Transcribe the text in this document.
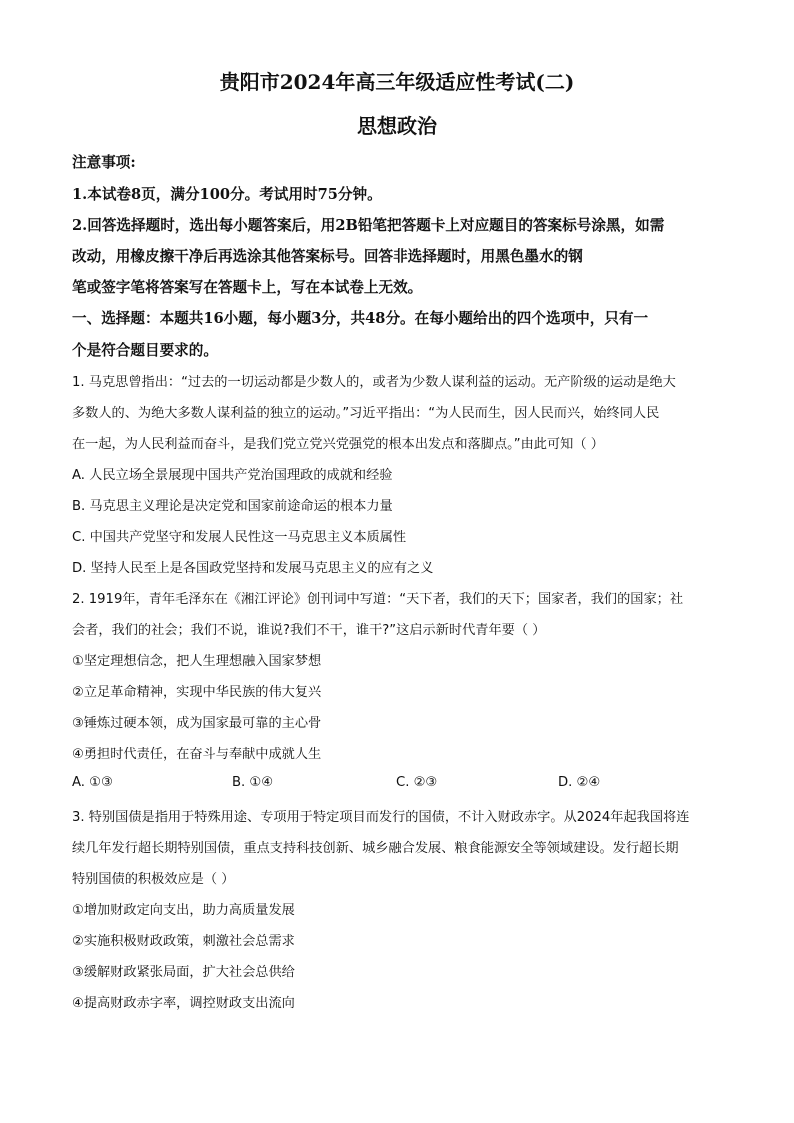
贵阳市2024年高三年级适应性考试(二)
思想政治
注意事项:
1.本试卷8页，满分100分。考试用时75分钟。
2.回答选择题时，选出每小题答案后，用2B铅笔把答题卡上对应题目的答案标号涂黑，如需
改动，用橡皮擦干净后再选涂其他答案标号。回答非选择题时，用黑色墨水的钢
笔或签字笔将答案写在答题卡上，写在本试卷上无效。
一、选择题：本题共16小题，每小题3分，共48分。在每小题给出的四个选项中，只有一
个是符合题目要求的。
1. 马克思曾指出：“过去的一切运动都是少数人的，或者为少数人谋利益的运动。无产阶级的运动是绝大
多数人的、为绝大多数人谋利益的独立的运动。”习近平指出：“为人民而生，因人民而兴，始终同人民
在一起，为人民利益而奋斗，是我们党立党兴党强党的根本出发点和落脚点。”由此可知（ ）
A. 人民立场全景展现中国共产党治国理政的成就和经验
B. 马克思主义理论是决定党和国家前途命运的根本力量
C. 中国共产党坚守和发展人民性这一马克思主义本质属性
D. 坚持人民至上是各国政党坚持和发展马克思主义的应有之义
2. 1919年，青年毛泽东在《湘江评论》创刊词中写道：“天下者，我们的天下；国家者，我们的国家；社
会者，我们的社会；我们不说，谁说?我们不干，谁干?”这启示新时代青年要（ ）
①坚定理想信念，把人生理想融入国家梦想
②立足革命精神，实现中华民族的伟大复兴
③锤炼过硬本领，成为国家最可靠的主心骨
④勇担时代责任，在奋斗与奉献中成就人生
A. ①③	B. ①④	C. ②③	D. ②④
3. 特别国债是指用于特殊用途、专项用于特定项目而发行的国债，不计入财政赤字。从2024年起我国将连
续几年发行超长期特别国债，重点支持科技创新、城乡融合发展、粮食能源安全等领域建设。发行超长期
特别国债的积极效应是（ ）
①增加财政定向支出，助力高质量发展
②实施积极财政政策，刺激社会总需求
③缓解财政紧张局面，扩大社会总供给
④提高财政赤字率，调控财政支出流向
